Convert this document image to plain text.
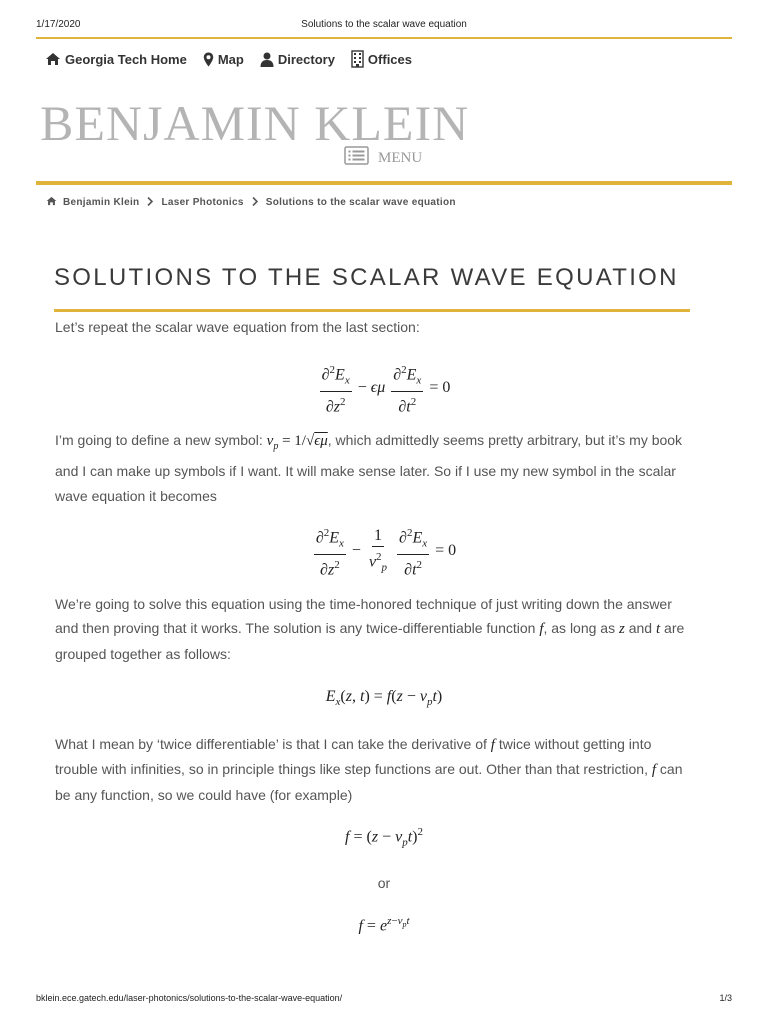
1/17/2020	Solutions to the scalar wave equation
Georgia Tech Home Map	Directory	Offices
BENJAMIN KLEIN
MENU
Benjamin Klein Laser Photonics Solutions to the scalar wave equation
SOLUTIONS TO THE SCALAR WAVE EQUATION

Let’s repeat the scalar wave equation from the last section:

$\frac{\partial^2E_x}{\partial z^2} - \epsilon\mu \frac{\partial^2E_x}{\partial t^2} = 0$

I’m going to define a new symbol: $v_p = 1/√\epsilon\mu$, which admittedly seems pretty arbitrary, but it’s my book and I can make up symbols if I want. It will make sense later. So if I use my new symbol in the scalar wave equation it becomes

$\frac{\partial^2E_x}{\partial z^2} - \frac{1}{v^2_p}$
$\frac{\partial^2E_x}{\partial t^2} = 0$

We’re going to solve this equation using the time-honored technique of just writing down the answer and then proving that it works. The solution is any twice-differentiable function f, as long as z and t are grouped together as follows:

$E_x(z$, $t) = f(z - v_pt)$

What I mean by ‘twice differentiable’ is that I can take the derivative of f twice without getting into trouble with infinities, so in principle things like step functions are out. Other than that restriction, f can be any function, so we could have (for example)

$f = (z - v_pt)^2$
or
$f = e^{z-v_pt}$
bklein.ece.gatech.edu/laser-photonics/solutions-to-the-scalar-wave-equation/	1/3
